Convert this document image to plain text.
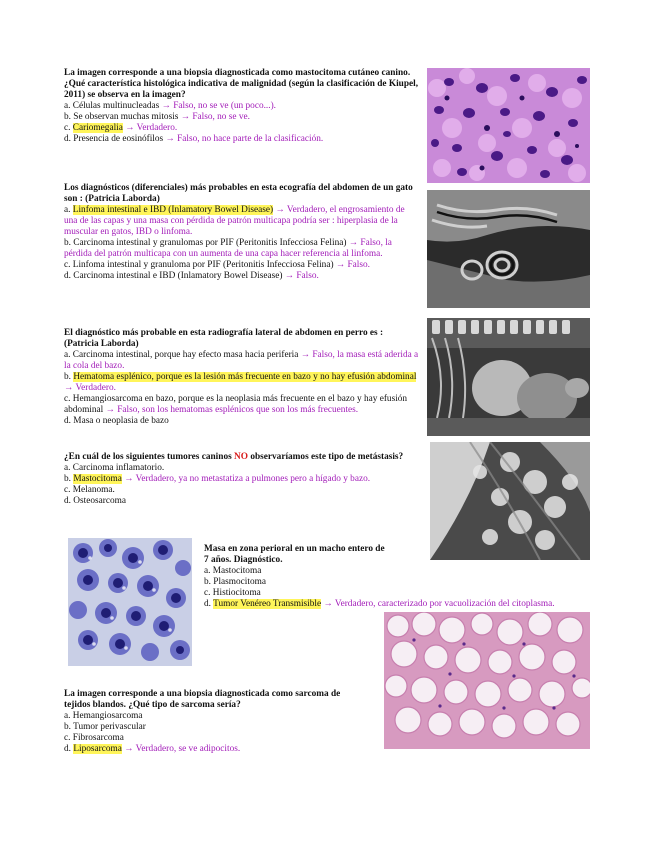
La imagen corresponde a una biopsia diagnosticada como mastocitoma cutáneo canino. ¿Qué característica histológica indicativa de malignidad (según la clasificación de Kiupel, 2011) se observa en la imagen?
a. Células multinucleadas → Falso, no se ve (un poco...).
b. Se observan muchas mitosis → Falso, no se ve.
c. Cariomegalia → Verdadero.
d. Presencia de eosinófilos → Falso, no hace parte de la clasificación.
Los diagnósticos (diferenciales) más probables en esta ecografía del abdomen de un gato son : (Patricia Laborda)
a. Linfoma intestinal e IBD (Inlamatory Bowel Disease) → Verdadero, el engrosamiento de una de las capas y una masa con pérdida de patrón multicapa podría ser : hiperplasia de la muscular en gatos, IBD o linfoma.
b. Carcinoma intestinal y granulomas por PIF (Peritonitis Infecciosa Felina) → Falso, la pérdida del patrón multicapa con un aumenta de una capa hacer referencia al linfoma.
c. Linfoma intestinal y granuloma por PIF (Peritonitis Infecciosa Felina) → Falso.
d. Carcinoma intestinal e IBD (Inlamatory Bowel Disease) → Falso.
El diagnóstico más probable en esta radiografía lateral de abdomen en perro es : (Patricia Laborda)
a. Carcinoma intestinal, porque hay efecto masa hacia periferia → Falso, la masa está aderida a la cola del bazo.
b. Hematoma esplénico, porque es la lesión más frecuente en bazo y no hay efusión abdominal → Verdadero.
c. Hemangiosarcoma en bazo, porque es la neoplasia más frecuente en el bazo y hay efusión abdominal → Falso, son los hematomas esplénicos que son los más frecuentes.
d. Masa o neoplasia de bazo
¿En cuál de los siguientes tumores caninos NO observaríamos este tipo de metástasis?
a. Carcinoma inflamatorio.
b. Mastocitoma → Verdadero, ya no metastatiza a pulmones pero a hígado y bazo.
c. Melanoma.
d. Osteosarcoma
Masa en zona perioral en un macho entero de 7 años. Diagnóstico.
a. Mastocitoma
b. Plasmocitoma
c. Histiocitoma
d. Tumor Venéreo Transmisible → Verdadero, caracterizado por vacuolización del citoplasma.
La imagen corresponde a una biopsia diagnosticada como sarcoma de tejidos blandos. ¿Qué tipo de sarcoma sería?
a. Hemangiosarcoma
b. Tumor perivascular
c. Fibrosarcoma
d. Liposarcoma → Verdadero, se ve adipocitos.
